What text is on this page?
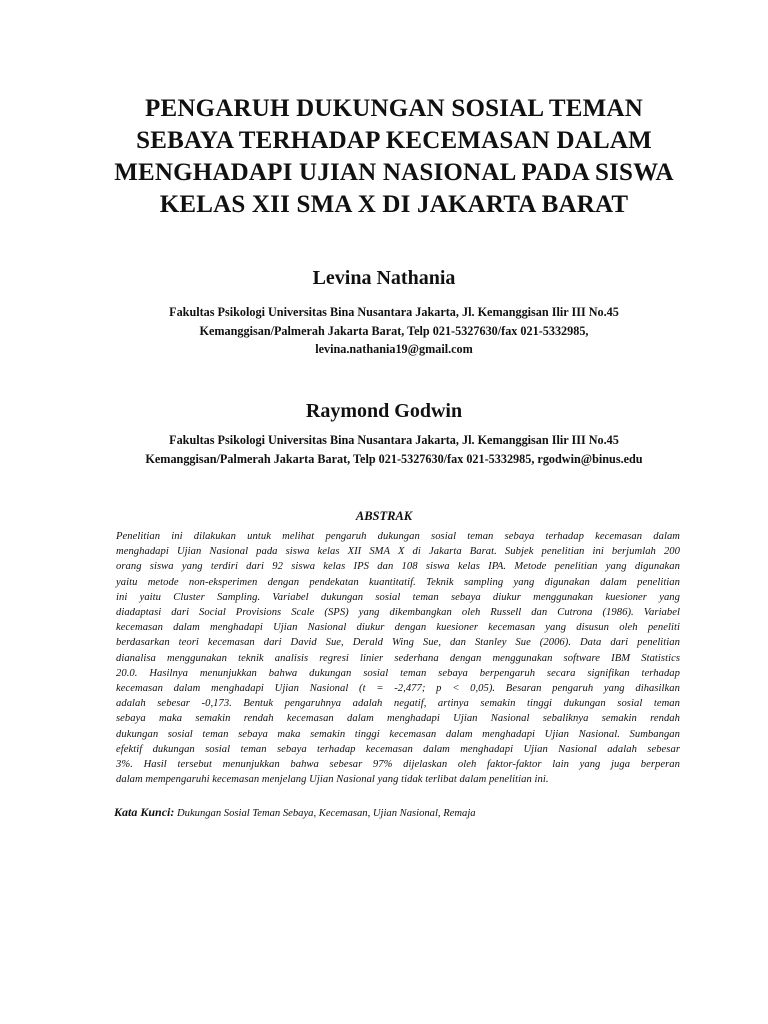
PENGARUH DUKUNGAN SOSIAL TEMAN
SEBAYA TERHADAP KECEMASAN DALAM
MENGHADAPI UJIAN NASIONAL PADA SISWA
KELAS XII SMA X DI JAKARTA BARAT

Levina Nathania

Fakultas Psikologi Universitas Bina Nusantara Jakarta, Jl. Kemanggisan Ilir III No.45
Kemanggisan/Palmerah Jakarta Barat, Telp 021-5327630/fax 021-5332985,
levina.nathania19@gmail.com

Raymond Godwin

Fakultas Psikologi Universitas Bina Nusantara Jakarta, Jl. Kemanggisan Ilir III No.45
Kemanggisan/Palmerah Jakarta Barat, Telp 021-5327630/fax 021-5332985, rgodwin@binus.edu

ABSTRAK

Penelitian ini dilakukan untuk melihat pengaruh dukungan sosial teman sebaya terhadap kecemasan dalam
menghadapi Ujian Nasional pada siswa kelas XII SMA X di Jakarta Barat. Subjek penelitian ini berjumlah 200
orang siswa yang terdiri dari 92 siswa kelas IPS dan 108 siswa kelas IPA. Metode penelitian yang digunakan
yaitu metode non-eksperimen dengan pendekatan kuantitatif. Teknik sampling yang digunakan dalam penelitian
ini yaitu Cluster Sampling. Variabel dukungan sosial teman sebaya diukur menggunakan kuesioner yang
diadaptasi dari Social Provisions Scale (SPS) yang dikembangkan oleh Russell dan Cutrona (1986). Variabel
kecemasan dalam menghadapi Ujian Nasional diukur dengan kuesioner kecemasan yang disusun oleh peneliti
berdasarkan teori kecemasan dari David Sue, Derald Wing Sue, dan Stanley Sue (2006). Data dari penelitian
dianalisa menggunakan teknik analisis regresi linier sederhana dengan menggunakan software IBM Statistics
20.0. Hasilnya menunjukkan bahwa dukungan sosial teman sebaya berpengaruh secara signifikan terhadap
kecemasan dalam menghadapi Ujian Nasional (t = -2,477; p < 0,05). Besaran pengaruh yang dihasilkan
adalah sebesar -0,173. Bentuk pengaruhnya adalah negatif, artinya semakin tinggi dukungan sosial teman
sebaya maka semakin rendah kecemasan dalam menghadapi Ujian Nasional sebaliknya semakin rendah
dukungan sosial teman sebaya maka semakin tinggi kecemasan dalam menghadapi Ujian Nasional. Sumbangan
efektif dukungan sosial teman sebaya terhadap kecemasan dalam menghadapi Ujian Nasional adalah sebesar
3%. Hasil tersebut menunjukkan bahwa sebesar 97% dijelaskan oleh faktor-faktor lain yang juga berperan
dalam mempengaruhi kecemasan menjelang Ujian Nasional yang tidak terlibat dalam penelitian ini.

Kata Kunci: Dukungan Sosial Teman Sebaya, Kecemasan, Ujian Nasional, Remaja
